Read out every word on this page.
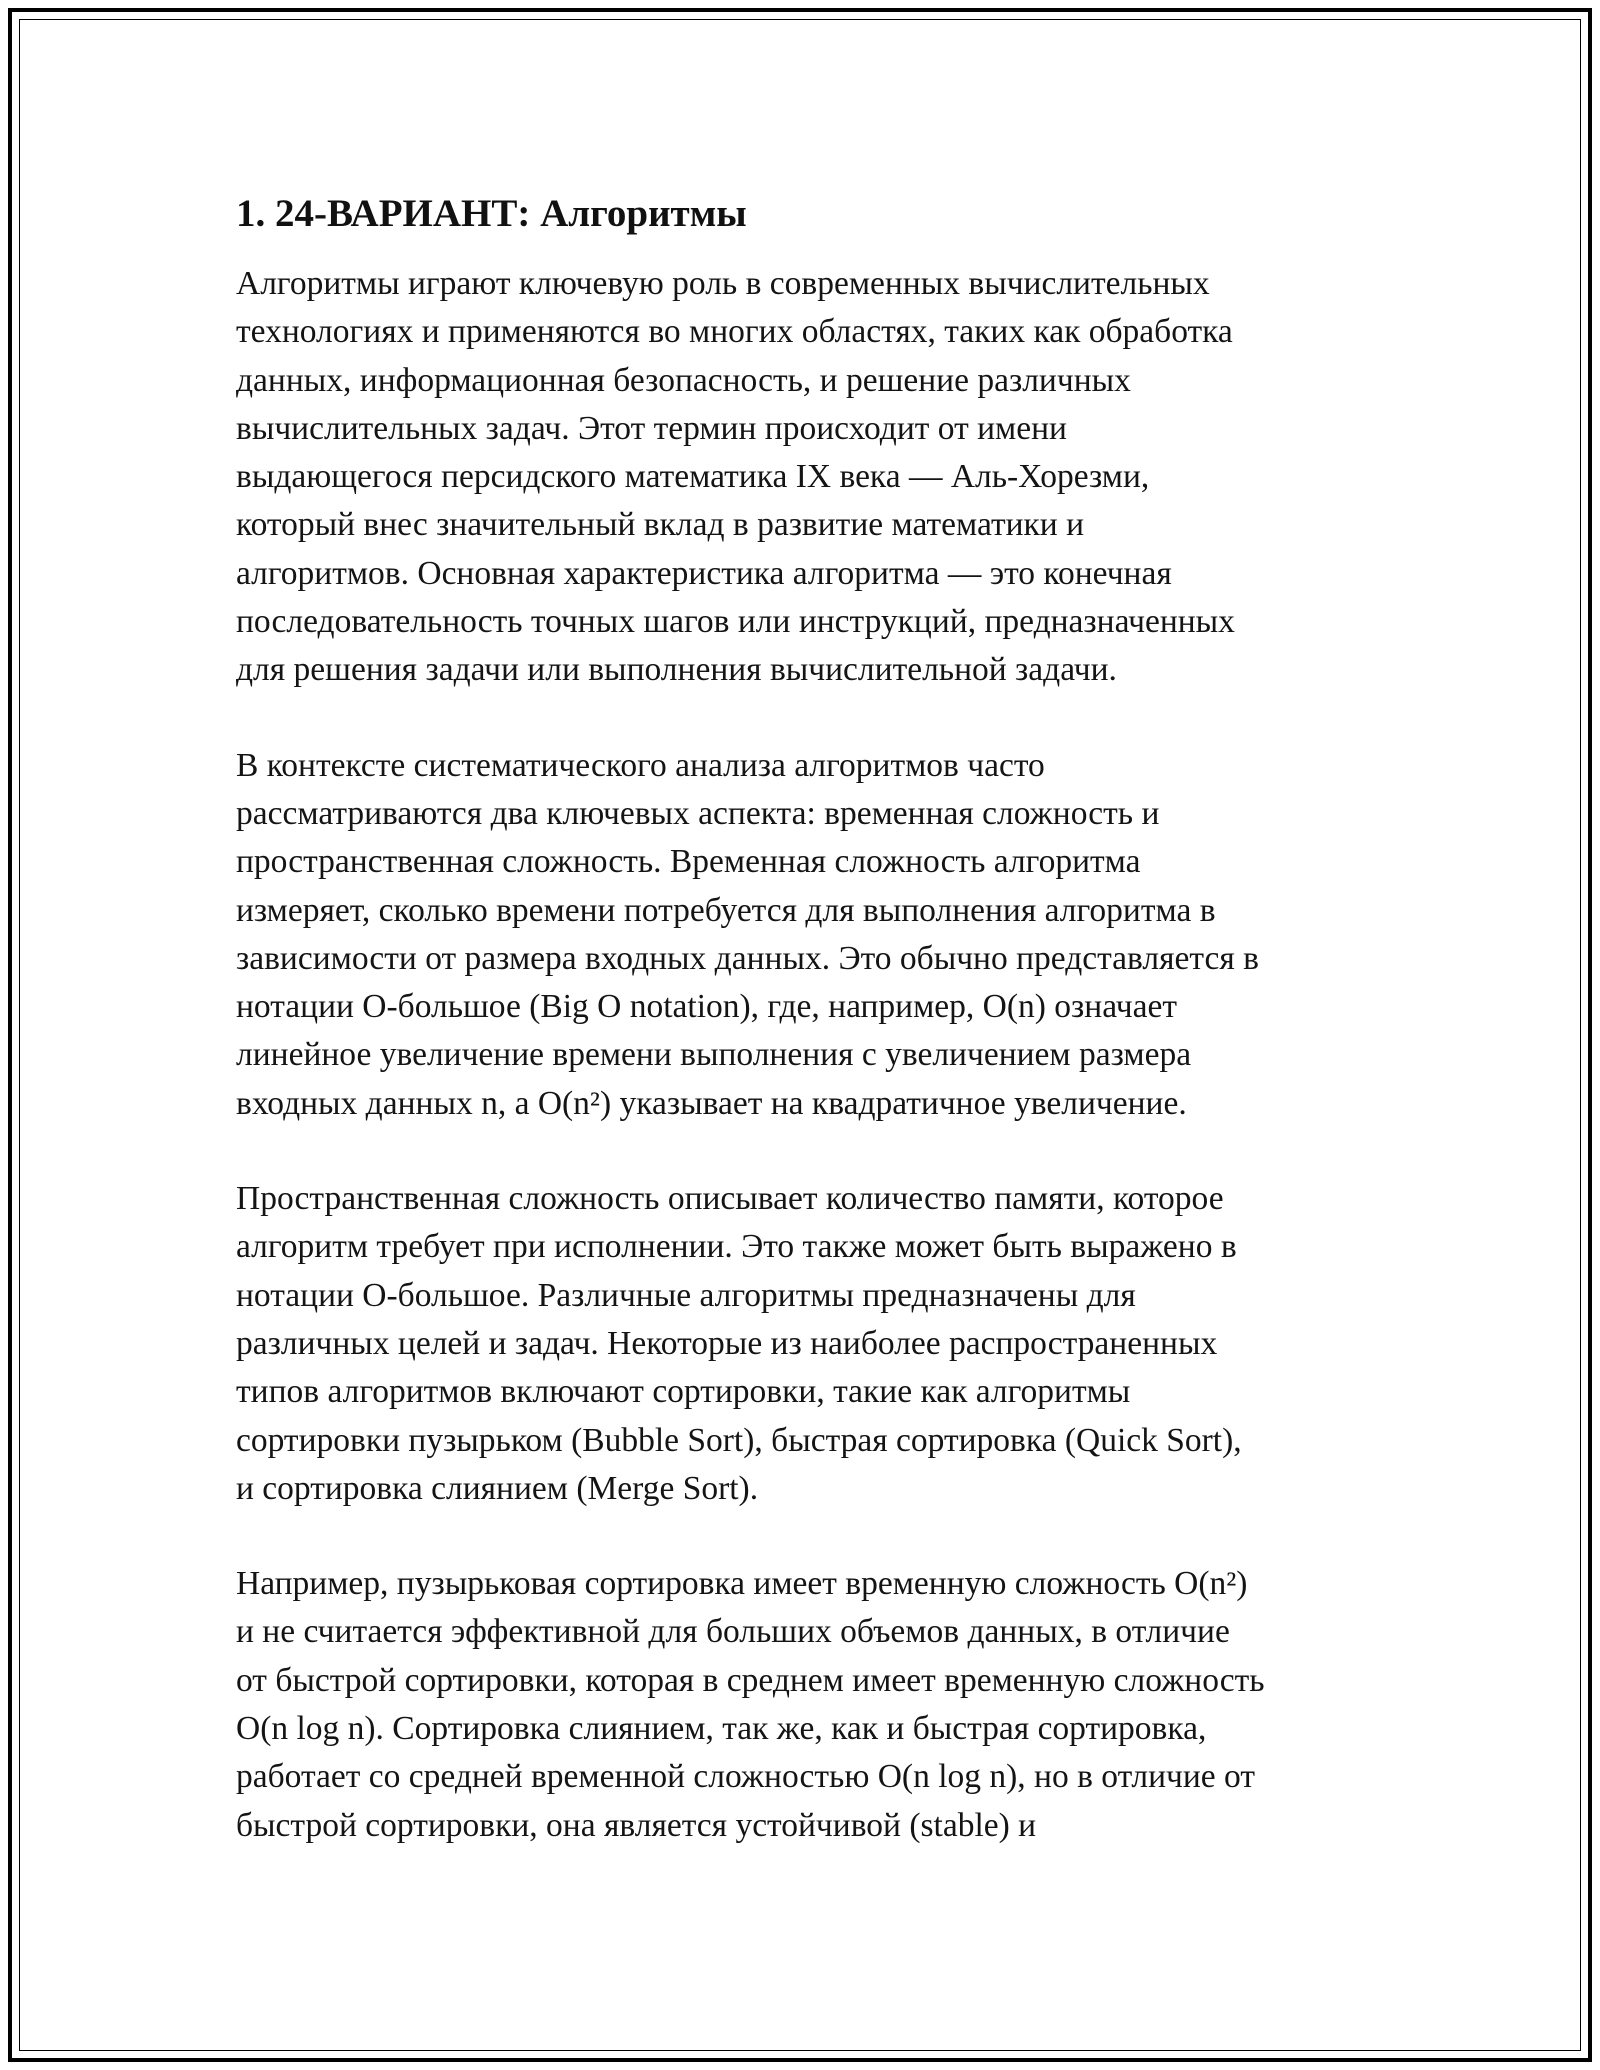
1. 24-ВАРИАНТ: Алгоритмы

Алгоритмы играют ключевую роль в современных вычислительных
технологиях и применяются во многих областях, таких как обработка
данных, информационная безопасность, и решение различных
вычислительных задач. Этот термин происходит от имени
выдающегося персидского математика IX века — Аль-Хорезми,
который внес значительный вклад в развитие математики и
алгоритмов. Основная характеристика алгоритма — это конечная
последовательность точных шагов или инструкций, предназначенных
для решения задачи или выполнения вычислительной задачи.

В контексте систематического анализа алгоритмов часто
рассматриваются два ключевых аспекта: временная сложность и
пространственная сложность. Временная сложность алгоритма
измеряет, сколько времени потребуется для выполнения алгоритма в
зависимости от размера входных данных. Это обычно представляется в
нотации O-большое (Big O notation), где, например, O(n) означает
линейное увеличение времени выполнения с увеличением размера
входных данных n, а O(n²) указывает на квадратичное увеличение.

Пространственная сложность описывает количество памяти, которое
алгоритм требует при исполнении. Это также может быть выражено в
нотации O-большое. Различные алгоритмы предназначены для
различных целей и задач. Некоторые из наиболее распространенных
типов алгоритмов включают сортировки, такие как алгоритмы
сортировки пузырьком (Bubble Sort), быстрая сортировка (Quick Sort),
и сортировка слиянием (Merge Sort).

Например, пузырьковая сортировка имеет временную сложность O(n²)
и не считается эффективной для больших объемов данных, в отличие
от быстрой сортировки, которая в среднем имеет временную сложность
O(n log n). Сортировка слиянием, так же, как и быстрая сортировка,
работает со средней временной сложностью O(n log n), но в отличие от
быстрой сортировки, она является устойчивой (stable) и
